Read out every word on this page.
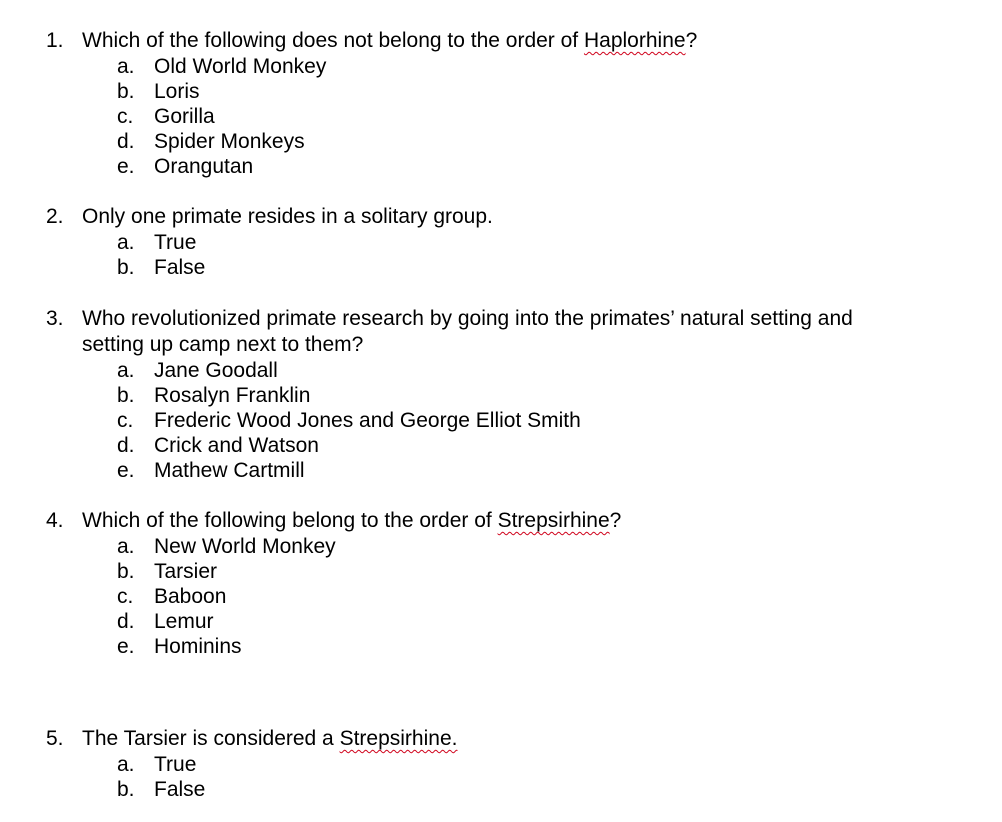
1. Which of the following does not belong to the order of Haplorhine?
a. Old World Monkey
b. Loris
c. Gorilla
d. Spider Monkeys
e. Orangutan
2. Only one primate resides in a solitary group.
a. True
b. False
3. Who revolutionized primate research by going into the primates’ natural setting and
setting up camp next to them?
a. Jane Goodall
b. Rosalyn Franklin
c. Frederic Wood Jones and George Elliot Smith
d. Crick and Watson
e. Mathew Cartmill
4. Which of the following belong to the order of Strepsirhine?
a. New World Monkey
b. Tarsier
c. Baboon
d. Lemur
e. Hominins
5. The Tarsier is considered a Strepsirhine.
a. True
b. False
